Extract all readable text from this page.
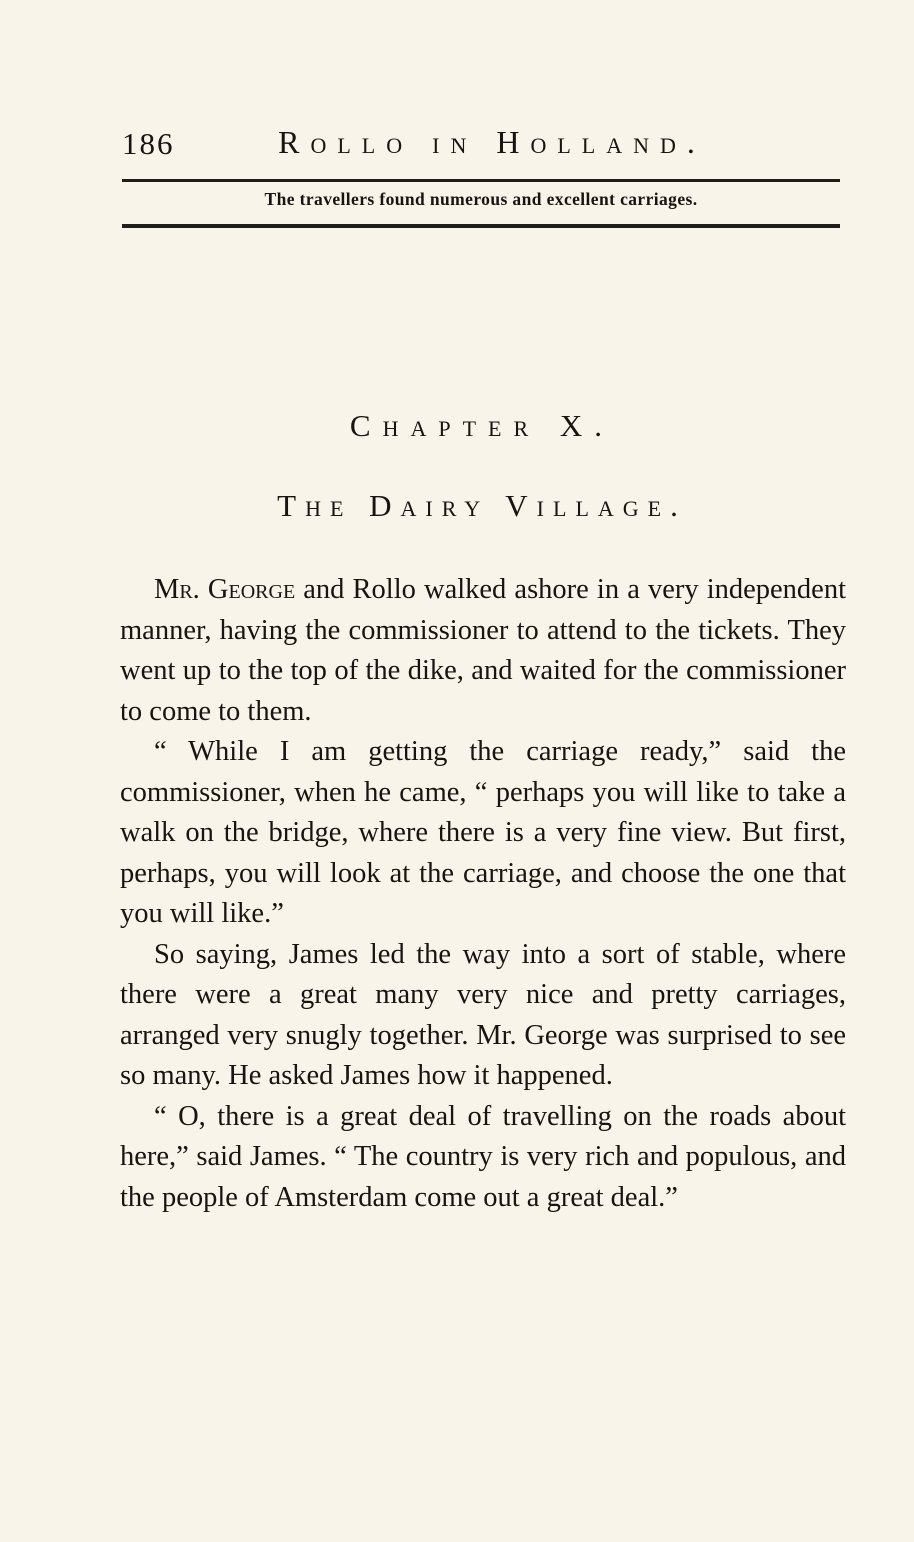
186	Rollo in Holland.
The travellers found numerous and excellent carriages.
Chapter X.
The Dairy Village.

Mr. George and Rollo walked ashore in a very independent manner, having the commissioner to attend to the tickets. They went up to the top of the dike, and waited for the commissioner to come to them.

“ While I am getting the carriage ready,” said the commissioner, when he came, “ perhaps you will like to take a walk on the bridge, where there is a very fine view. But first, perhaps, you will look at the carriage, and choose the one that you will like.”

So saying, James led the way into a sort of stable, where there were a great many very nice and pretty carriages, arranged very snugly together. Mr. George was surprised to see so many. He asked James how it happened.

“ O, there is a great deal of travelling on the roads about here,” said James. “ The country is very rich and populous, and the people of Amsterdam come out a great deal.”
